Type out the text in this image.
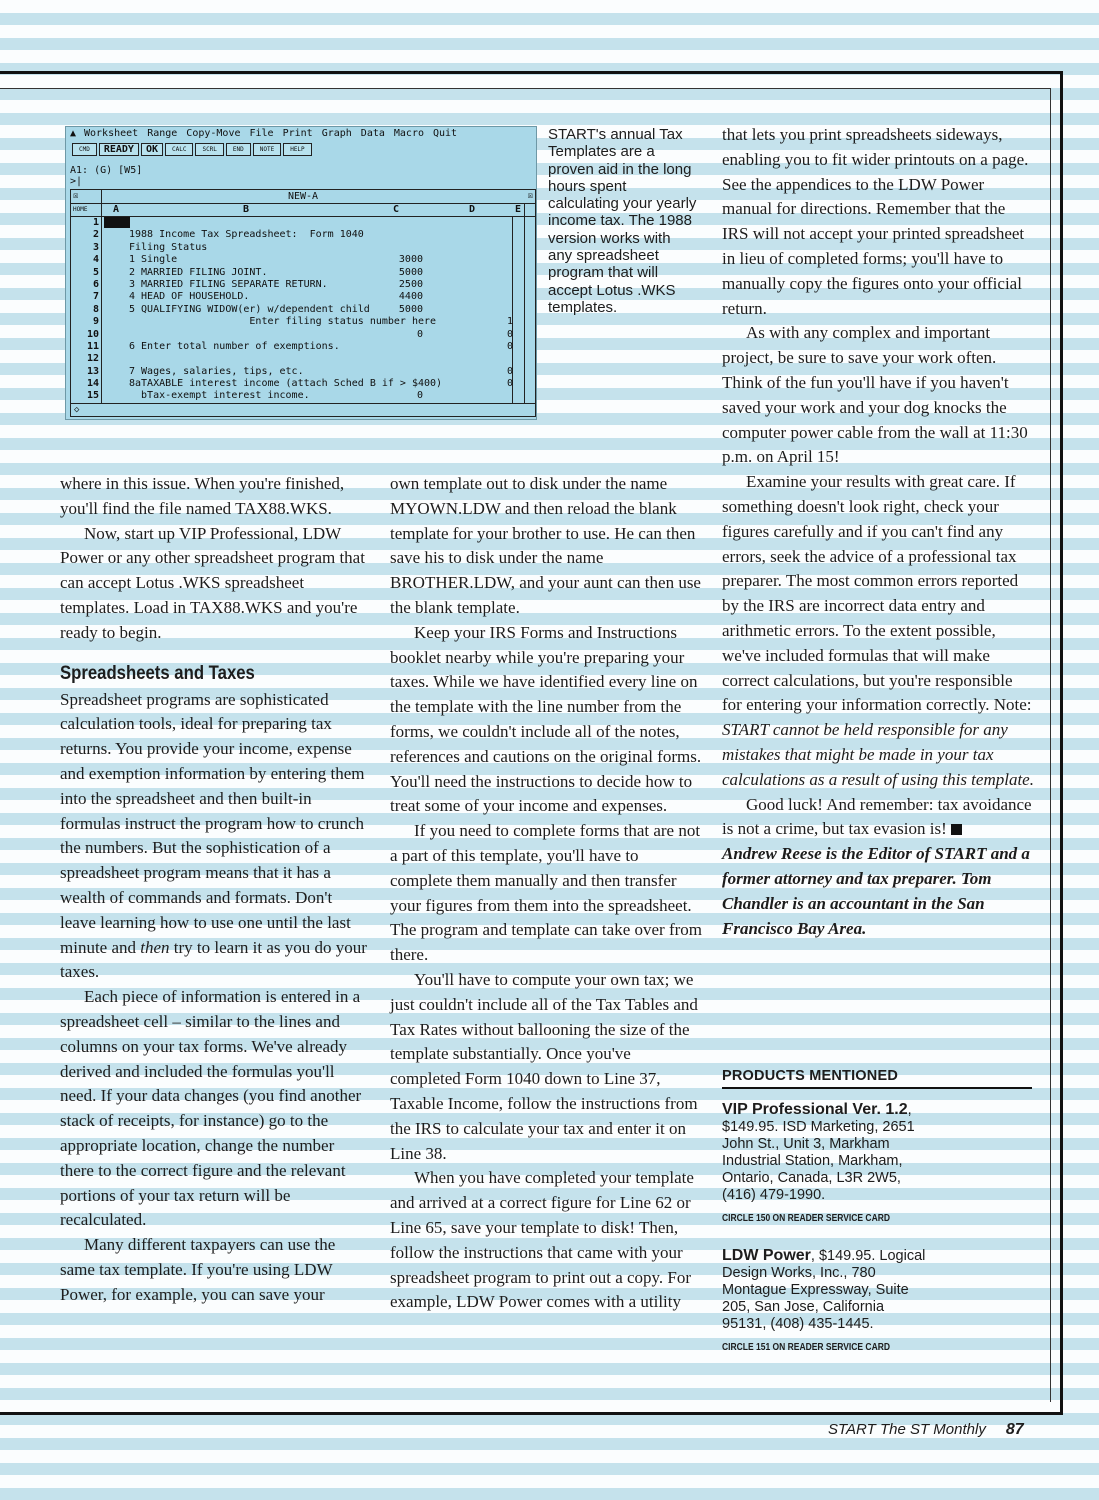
▲ Worksheet Range Copy-Move File Print Graph Data Macro Quit
CMD	READY	OK	CALC	SCRL	END	NOTE	HELP
A1: (G) [W5]
>|
☒	NEW-A	☒
HOME	A	B	C	D	E
1
2	1988 Income Tax Spreadsheet:  Form 1040
3	Filing Status
4	1 Single	3000
5	2 MARRIED FILING JOINT.	5000
6	3 MARRIED FILING SEPARATE RETURN.	2500
7	4 HEAD OF HOUSEHOLD.	4400
8	5 QUALIFYING WIDOW(er) w/dependent child	5000
9	Enter filing status number here	1
10	0	0
11	6 Enter total number of exemptions.	0
12
13	7 Wages, salaries, tips, etc.	0
14	8aTAXABLE interest income (attach Sched B if > $400)	0
15	bTax-exempt interest income.	0
◇
START's annual Tax Templates are a proven aid in the long hours spent calculating your yearly income tax. The 1988 version works with any spreadsheet program that will accept Lotus .WKS templates.

where in this issue. When you're finished, you'll find the file named TAX88.WKS.

Now, start up VIP Professional, LDW Power or any other spreadsheet program that can accept Lotus .WKS spreadsheet templates. Load in TAX88.WKS and you're ready to begin.

Spreadsheets and Taxes

Spreadsheet programs are sophisticated calculation tools, ideal for preparing tax returns. You provide your income, expense and exemption information by entering them into the spreadsheet and then built-in formulas instruct the program how to crunch the numbers. But the sophistication of a spreadsheet program means that it has a wealth of commands and formats. Don't leave learning how to use one until the last minute and then try to learn it as you do your taxes.

Each piece of information is entered in a spreadsheet cell – similar to the lines and columns on your tax forms. We've already derived and included the formulas you'll need. If your data changes (you find another stack of receipts, for instance) go to the appropriate location, change the number there to the correct figure and the relevant portions of your tax return will be recalculated.

Many different taxpayers can use the same tax template. If you're using LDW Power, for example, you can save your

own template out to disk under the name MYOWN.LDW and then reload the blank template for your brother to use. He can then save his to disk under the name BROTHER.LDW, and your aunt can then use the blank template.

Keep your IRS Forms and Instructions booklet nearby while you're preparing your taxes. While we have identified every line on the template with the line number from the forms, we couldn't include all of the notes, references and cautions on the original forms. You'll need the instructions to decide how to treat some of your income and expenses.

If you need to complete forms that are not a part of this template, you'll have to complete them manually and then transfer your figures from them into the spreadsheet. The program and template can take over from there.

You'll have to compute your own tax; we just couldn't include all of the Tax Tables and Tax Rates without ballooning the size of the template substantially. Once you've completed Form 1040 down to Line 37, Taxable Income, follow the instructions from the IRS to calculate your tax and enter it on Line 38.

When you have completed your template and arrived at a correct figure for Line 62 or Line 65, save your template to disk! Then, follow the instructions that came with your spreadsheet program to print out a copy. For example, LDW Power comes with a utility

that lets you print spreadsheets sideways, enabling you to fit wider printouts on a page. See the appendices to the LDW Power manual for directions. Remember that the IRS will not accept your printed spreadsheet in lieu of completed forms; you'll have to manually copy the figures onto your official return.

As with any complex and important project, be sure to save your work often. Think of the fun you'll have if you haven't saved your work and your dog knocks the computer power cable from the wall at 11:30 p.m. on April 15!

Examine your results with great care. If something doesn't look right, check your figures carefully and if you can't find any errors, seek the advice of a professional tax preparer. The most common errors reported by the IRS are incorrect data entry and arithmetic errors. To the extent possible, we've included formulas that will make correct calculations, but you're responsible for entering your information correctly. Note: START cannot be held responsible for any mistakes that might be made in your tax calculations as a result of using this template.

Good luck! And remember: tax avoidance is not a crime, but tax evasion is!

Andrew Reese is the Editor of START and a former attorney and tax preparer. Tom Chandler is an accountant in the San Francisco Bay Area.

PRODUCTS MENTIONED
VIP Professional Ver. 1.2, $149.95. ISD Marketing, 2651 John St., Unit 3, Markham Industrial Station, Markham, Ontario, Canada, L3R 2W5, (416) 479-1990.
CIRCLE 150 ON READER SERVICE CARD
LDW Power, $149.95. Logical Design Works, Inc., 780 Montague Expressway, Suite 205, San Jose, California 95131, (408) 435-1445.
CIRCLE 151 ON READER SERVICE CARD
START The ST Monthly 87
